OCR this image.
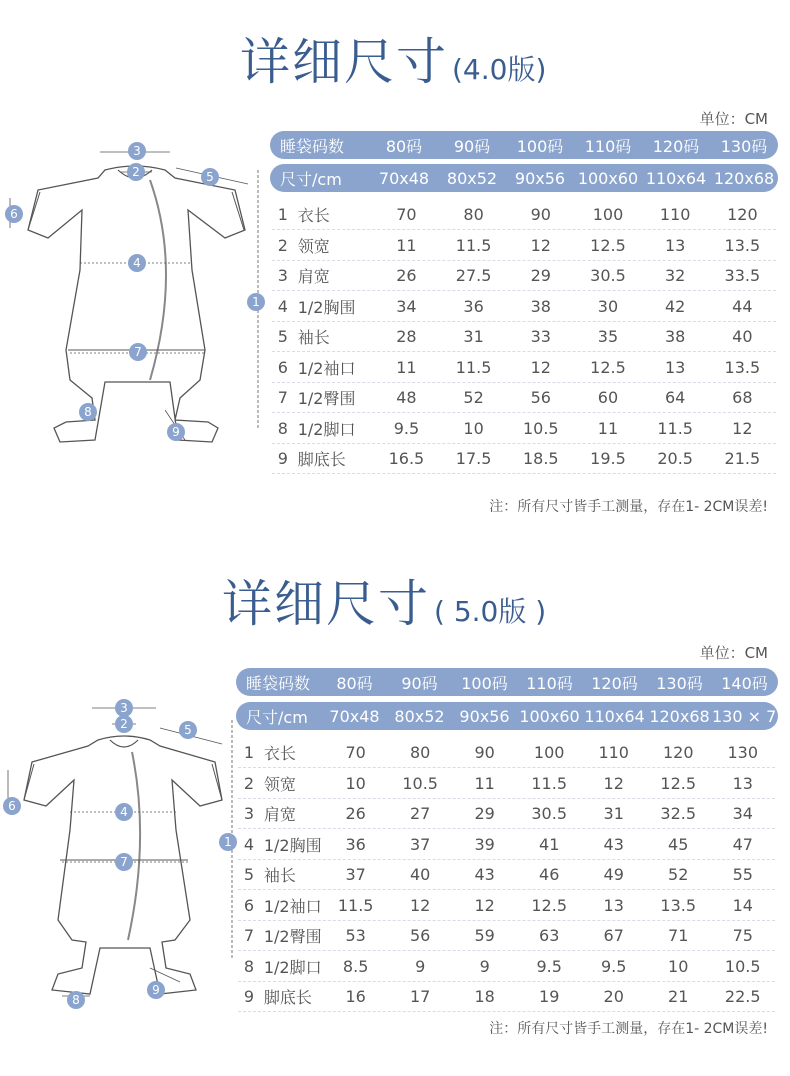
详细尺寸 (4.0版)
单位：CM
睡袋码数	80码	90码	100码	110码	120码	130码
尺寸/cm	70x48	80x52	90x56 100x60 110x64 120x68
1 衣长	70	80	90	100	110	120
2 领宽	11	11.5	12	12.5	13	13.5
3 肩宽	26	27.5	29	30.5	32	33.5
4 1/2胸围	34	36	38	30	42	44
5 袖长	28	31	33	35	38	40
6 1/2袖口	11	11.5	12	12.5	13	13.5
7 1/2臀围	48	52	56	60	64	68
8 1/2脚口	9.5	10	10.5	11	11.5	12
9 脚底长	16.5	17.5	18.5	19.5	20.5	21.5
注：所有尺寸皆手工测量，存在1- 2CM误差!
1
2
3
4
5
6
7
8
9
详细尺寸 ( 5.0版 )
单位：CM
睡袋码数	80码	90码	100码	110码	120码	130码	140码
尺寸/cm	70x48 80x52 90x56 100x60 110x64 120x68 130 × 72
1 衣长	70	80	90	100	110	120	130
2 领宽	10	10.5	11	11.5	12	12.5	13
3 肩宽	26	27	29	30.5	31	32.5	34
4 1/2胸围	36	37	39	41	43	45	47
5 袖长	37	40	43	46	49	52	55
6 1/2袖口	11.5	12	12	12.5	13	13.5	14
7 1/2臀围	53	56	59	63	67	71	75
8 1/2脚口	8.5	9	9	9.5	9.5	10	10.5
9 脚底长	16	17	18	19	20	21	22.5
注：所有尺寸皆手工测量，存在1- 2CM误差!
1
2
3
4
5
6
7
8
9
